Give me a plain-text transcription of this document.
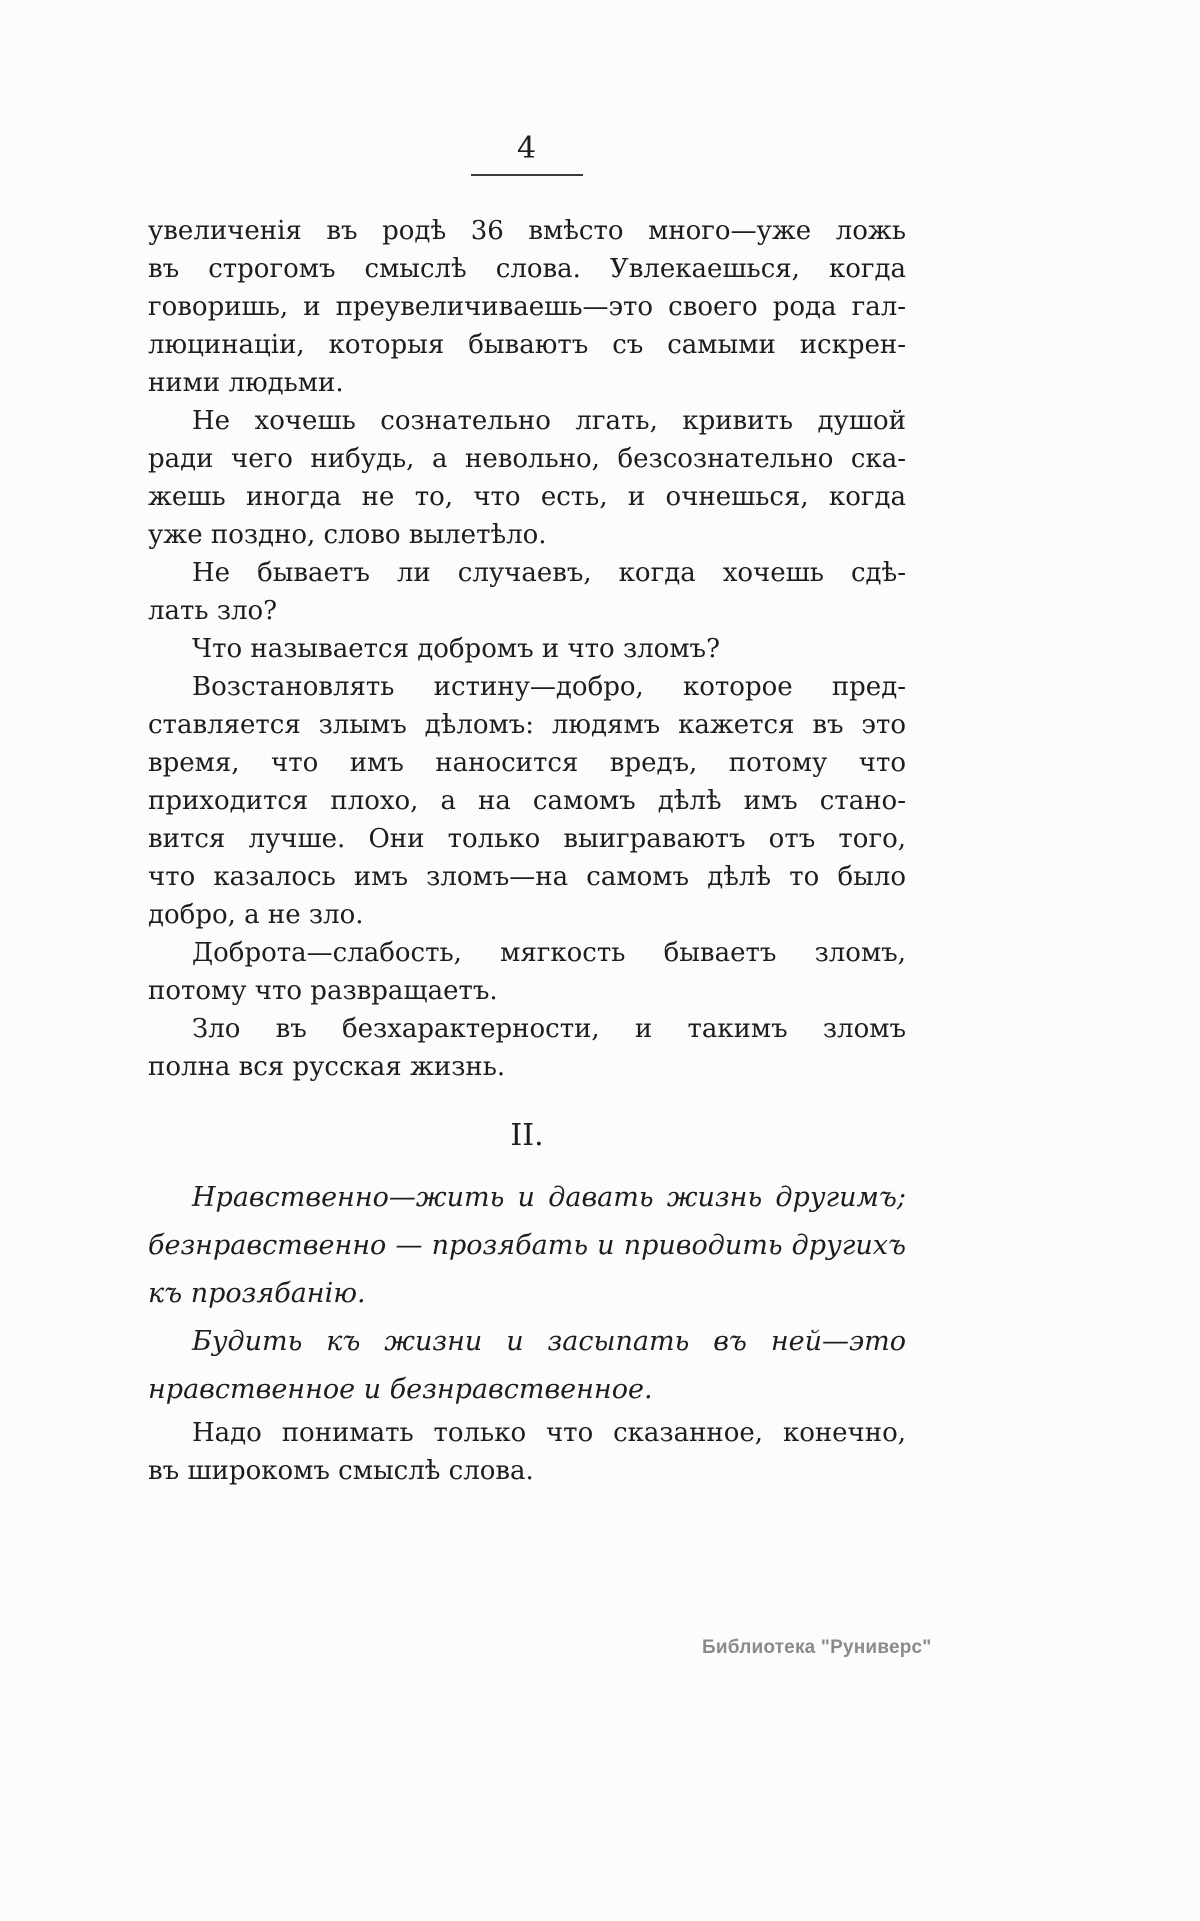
4
увеличенія въ родѣ 36 вмѣсто много—уже ложь
въ строгомъ смыслѣ слова. Увлекаешься, когда
говоришь, и преувеличиваешь—это своего рода гал-
люцинаціи, которыя бываютъ съ самыми искрен-
ними людьми.
Не хочешь сознательно лгать, кривить душой
ради чего нибудь, а невольно, безсознательно ска-
жешь иногда не то, что есть, и очнешься, когда
уже поздно, слово вылетѣло.
Не бываетъ ли случаевъ, когда хочешь сдѣ-
лать зло?
Что называется добромъ и что зломъ?
Возстановлять истину—добро, которое пред-
ставляется злымъ дѣломъ: людямъ кажется въ это
время, что имъ наносится вредъ, потому что
приходится плохо, а на самомъ дѣлѣ имъ стано-
вится лучше. Они только выиграваютъ отъ того,
что казалось имъ зломъ—на самомъ дѣлѣ то было
добро, а не зло.
Доброта—слабость, мягкость бываетъ зломъ,
потому что развращаетъ.
Зло въ безхарактерности, и такимъ зломъ
полна вся русская жизнь.
II.
Нравственно—жить и давать жизнь другимъ;
безнравственно — прозябать и приводить другихъ
къ прозябанію.
Будить къ жизни и засыпать въ ней—это
нравственное и безнравственное.
Надо понимать только что сказанное, конечно,
въ широкомъ смыслѣ слова.
Библиотека "Руниверс"
